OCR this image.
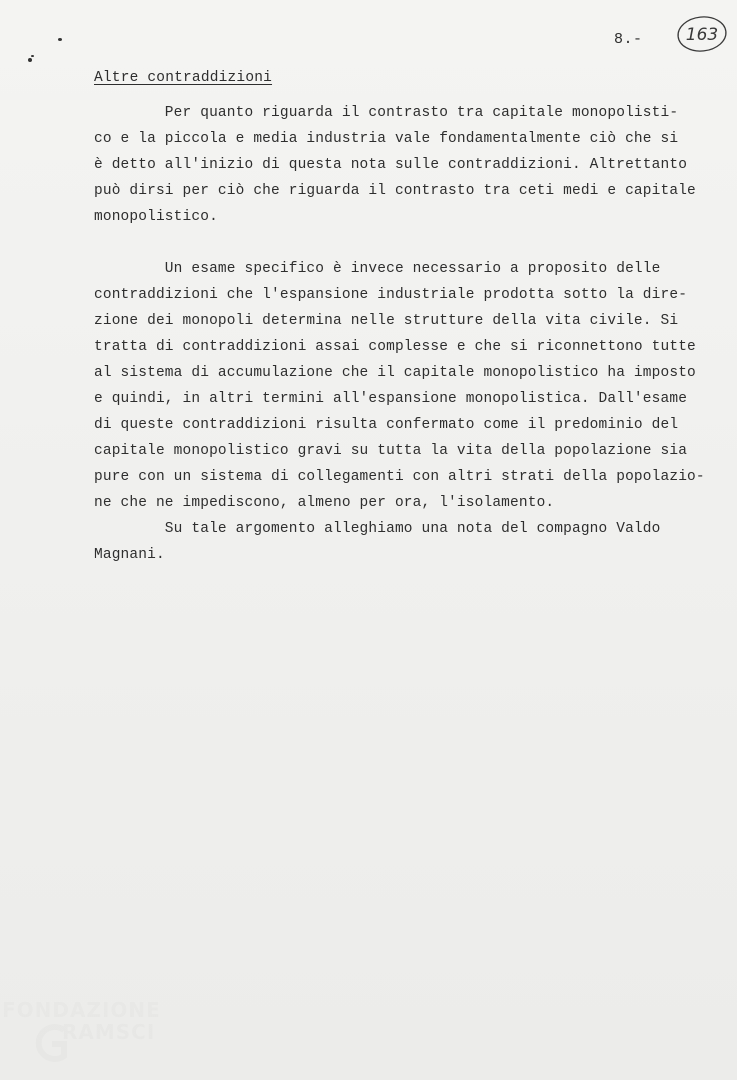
8.-	163
Altre contraddizioni
Per quanto riguarda il contrasto tra capitale monopolisti-
co e la piccola e media industria vale fondamentalmente ciò che si
è detto all'inizio di questa nota sulle contraddizioni. Altrettanto
può dirsi per ciò che riguarda il contrasto tra ceti medi e capitale
monopolistico.
Un esame specifico è invece necessario a proposito delle
contraddizioni che l'espansione industriale prodotta sotto la dire-
zione dei monopoli determina nelle strutture della vita civile. Si
tratta di contraddizioni assai complesse e che si riconnettono tutte
al sistema di accumulazione che il capitale monopolistico ha imposto
e quindi, in altri termini all'espansione monopolistica. Dall'esame
di queste contraddizioni risulta confermato come il predominio del
capitale monopolistico gravi su tutta la vita della popolazione sia
pure con un sistema di collegamenti con altri strati della popolazio-
ne che ne impediscono, almeno per ora, l'isolamento.
Su tale argomento alleghiamo una nota del compagno Valdo
Magnani.
FONDAZIONE
RAMSCI
